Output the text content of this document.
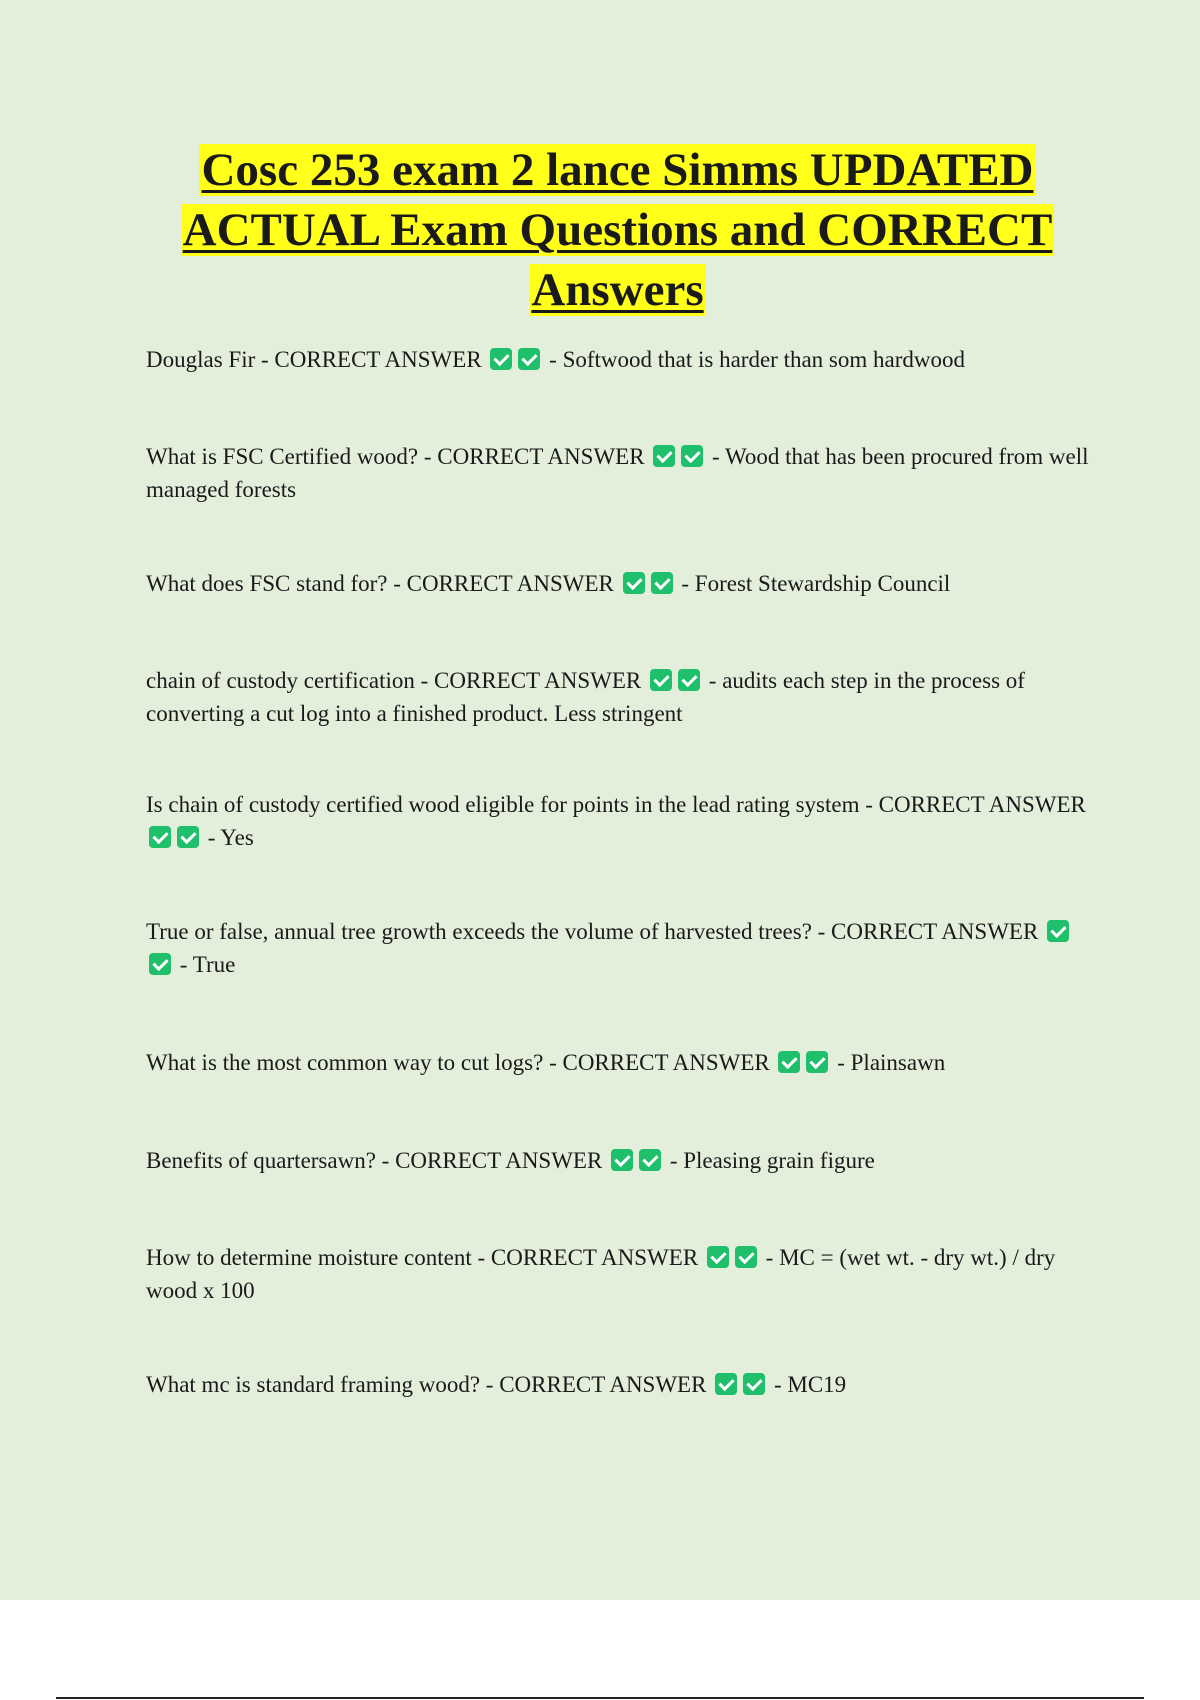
Cosc 253 exam 2 lance Simms UPDATED
ACTUAL Exam Questions and CORRECT
Answers
Douglas Fir - CORRECT ANSWER	- Softwood that is harder than som hardwood
What is FSC Certified wood? - CORRECT ANSWER	- Wood that has been procured from well managed forests
What does FSC stand for? - CORRECT ANSWER	- Forest Stewardship Council
chain of custody certification - CORRECT ANSWER	- audits each step in the process of converting a cut log into a finished product. Less stringent
Is chain of custody certified wood eligible for points in the lead rating system - CORRECT ANSWER  - Yes
True or false, annual tree growth exceeds the volume of harvested trees? - CORRECT ANSWER  - True
What is the most common way to cut logs? - CORRECT ANSWER	- Plainsawn
Benefits of quartersawn? - CORRECT ANSWER	- Pleasing grain figure
How to determine moisture content - CORRECT ANSWER	- MC = (wet wt. - dry wt.) / dry wood x 100
What mc is standard framing wood? - CORRECT ANSWER	- MC19
